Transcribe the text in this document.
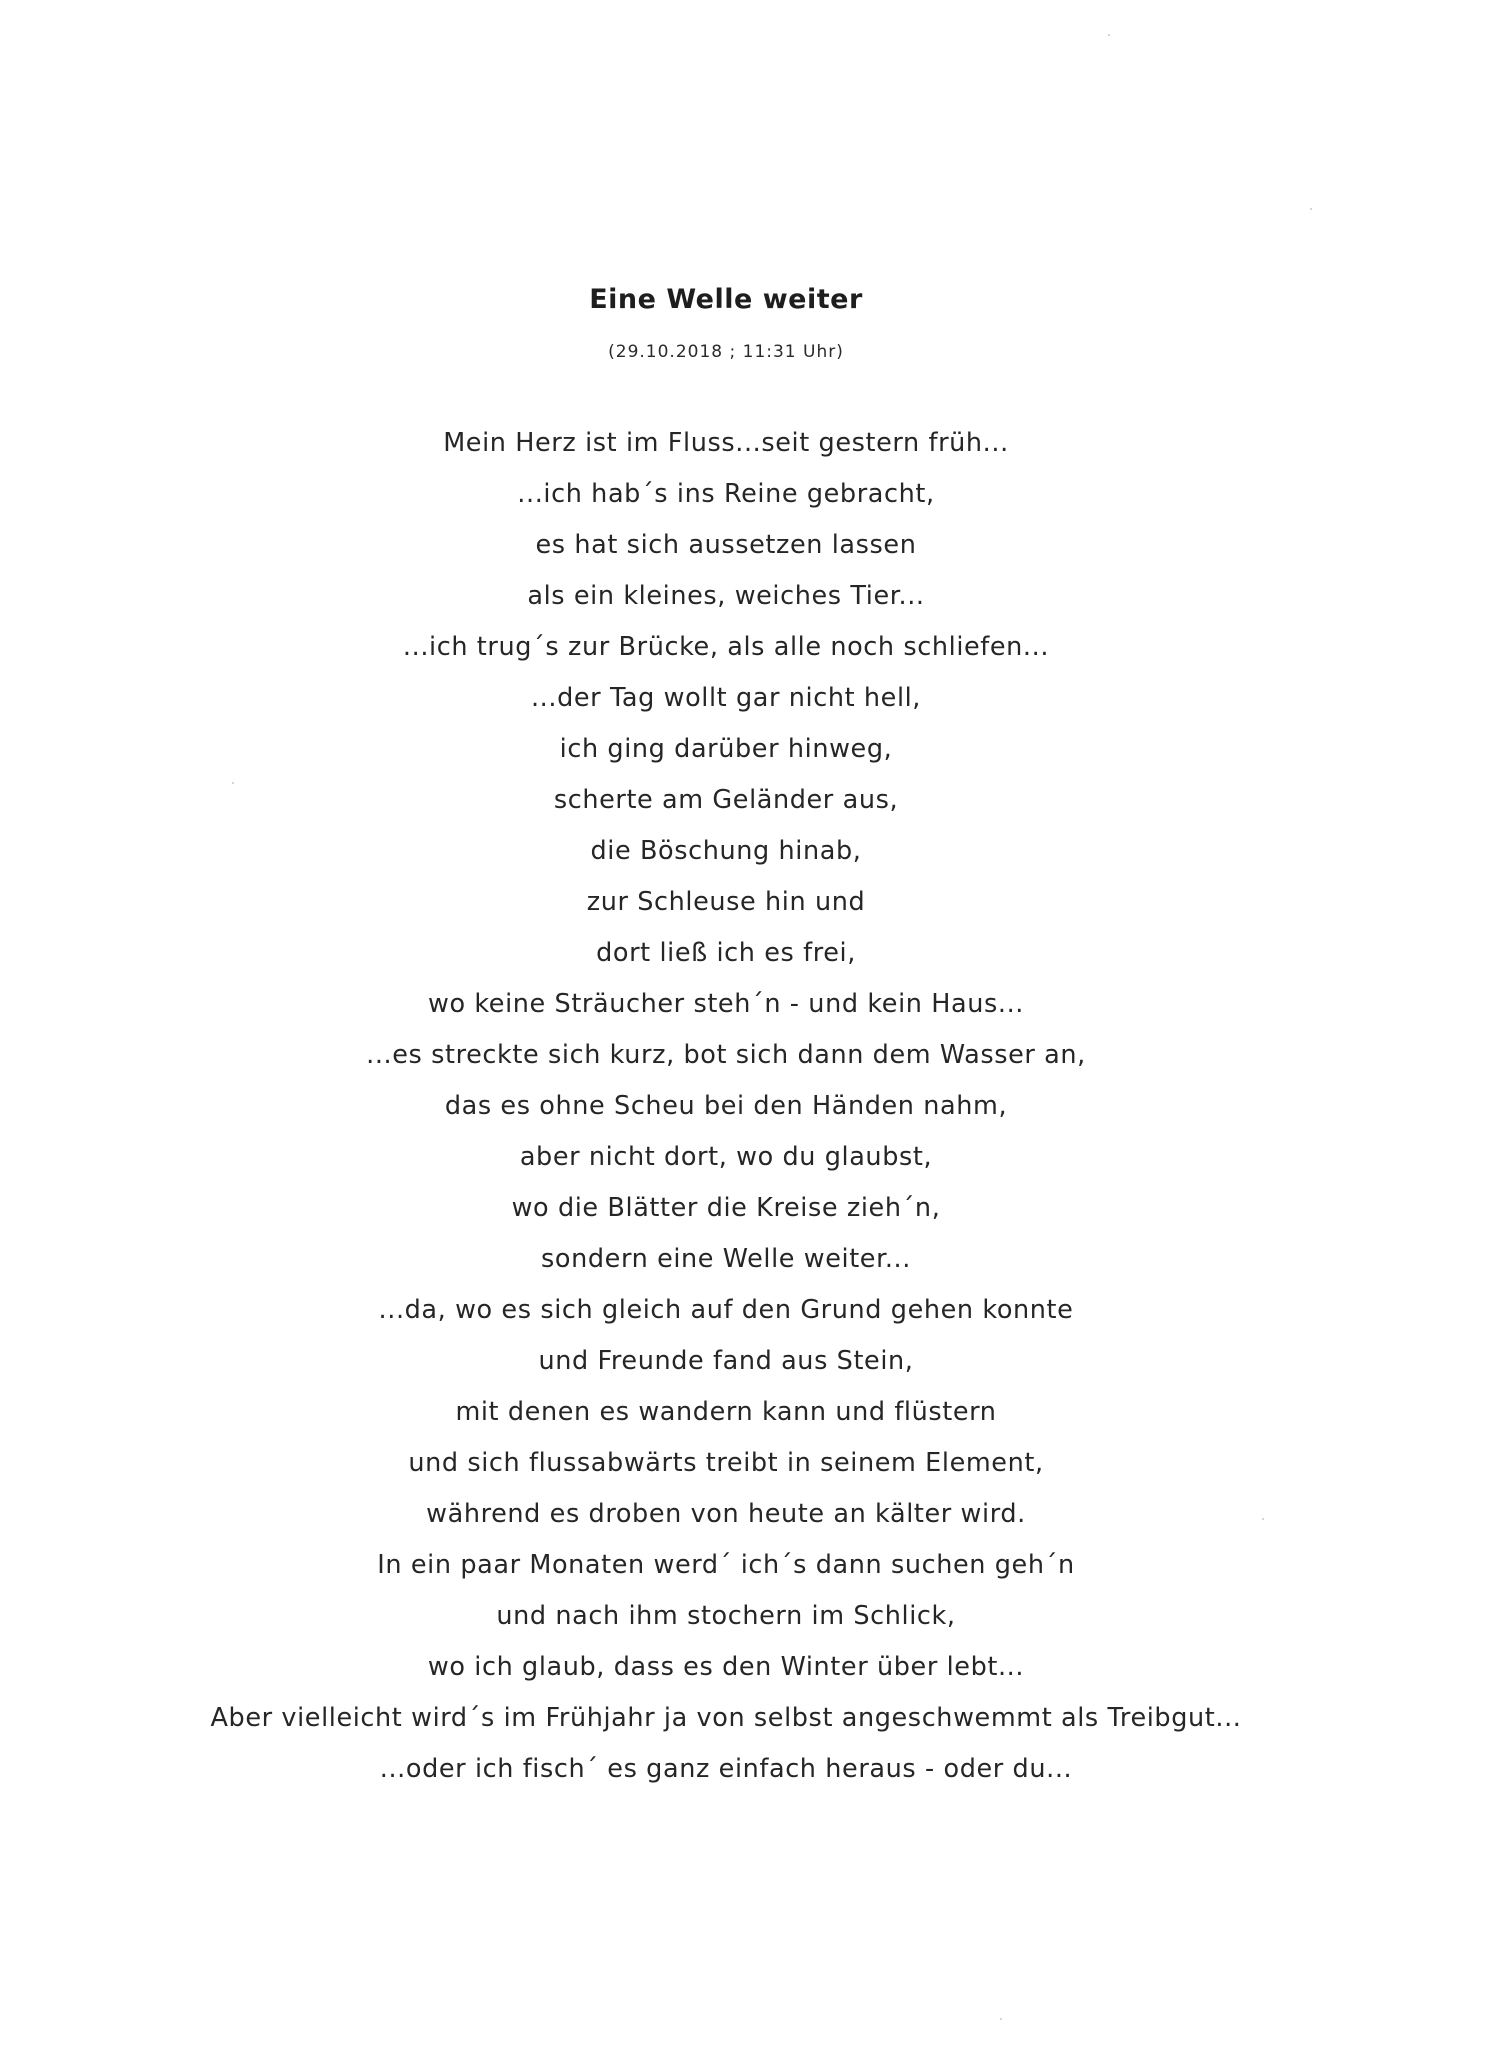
Eine Welle weiter
(29.10.2018 ; 11:31 Uhr)
Mein Herz ist im Fluss...seit gestern früh...
...ich hab´s ins Reine gebracht,
es hat sich aussetzen lassen
als ein kleines, weiches Tier...
...ich trug´s zur Brücke, als alle noch schliefen...
...der Tag wollt gar nicht hell,
ich ging darüber hinweg,
scherte am Geländer aus,
die Böschung hinab,
zur Schleuse hin und
dort ließ ich es frei,
wo keine Sträucher steh´n - und kein Haus...
...es streckte sich kurz, bot sich dann dem Wasser an,
das es ohne Scheu bei den Händen nahm,
aber nicht dort, wo du glaubst,
wo die Blätter die Kreise zieh´n,
sondern eine Welle weiter...
...da, wo es sich gleich auf den Grund gehen konnte
und Freunde fand aus Stein,
mit denen es wandern kann und flüstern
und sich flussabwärts treibt in seinem Element,
während es droben von heute an kälter wird.
In ein paar Monaten werd´ ich´s dann suchen geh´n
und nach ihm stochern im Schlick,
wo ich glaub, dass es den Winter über lebt...
Aber vielleicht wird´s im Frühjahr ja von selbst angeschwemmt als Treibgut...
...oder ich fisch´ es ganz einfach heraus - oder du...
